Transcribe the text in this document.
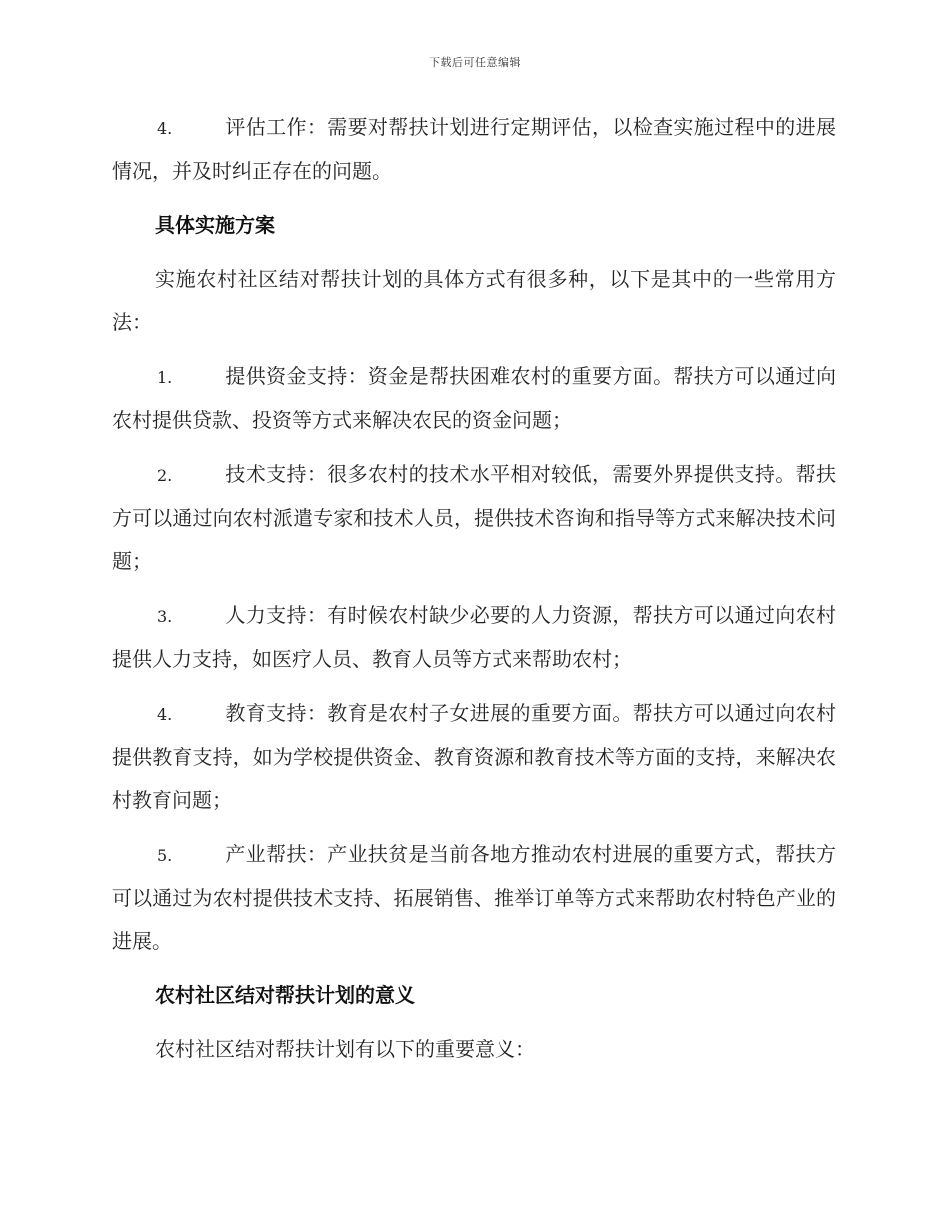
下载后可任意编辑

4.	评估工作：需要对帮扶计划进行定期评估，以检查实施过程中的进展情况，并及时纠正存在的问题。

具体实施方案

实施农村社区结对帮扶计划的具体方式有很多种，以下是其中的一些常用方法：

1.	提供资金支持：资金是帮扶困难农村的重要方面。帮扶方可以通过向农村提供贷款、投资等方式来解决农民的资金问题；

2.	技术支持：很多农村的技术水平相对较低，需要外界提供支持。帮扶方可以通过向农村派遣专家和技术人员，提供技术咨询和指导等方式来解决技术问题；

3.	人力支持：有时候农村缺少必要的人力资源，帮扶方可以通过向农村提供人力支持，如医疗人员、教育人员等方式来帮助农村；

4.	教育支持：教育是农村子女进展的重要方面。帮扶方可以通过向农村提供教育支持，如为学校提供资金、教育资源和教育技术等方面的支持，来解决农村教育问题；

5.	产业帮扶：产业扶贫是当前各地方推动农村进展的重要方式，帮扶方可以通过为农村提供技术支持、拓展销售、推举订单等方式来帮助农村特色产业的进展。

农村社区结对帮扶计划的意义

农村社区结对帮扶计划有以下的重要意义：
